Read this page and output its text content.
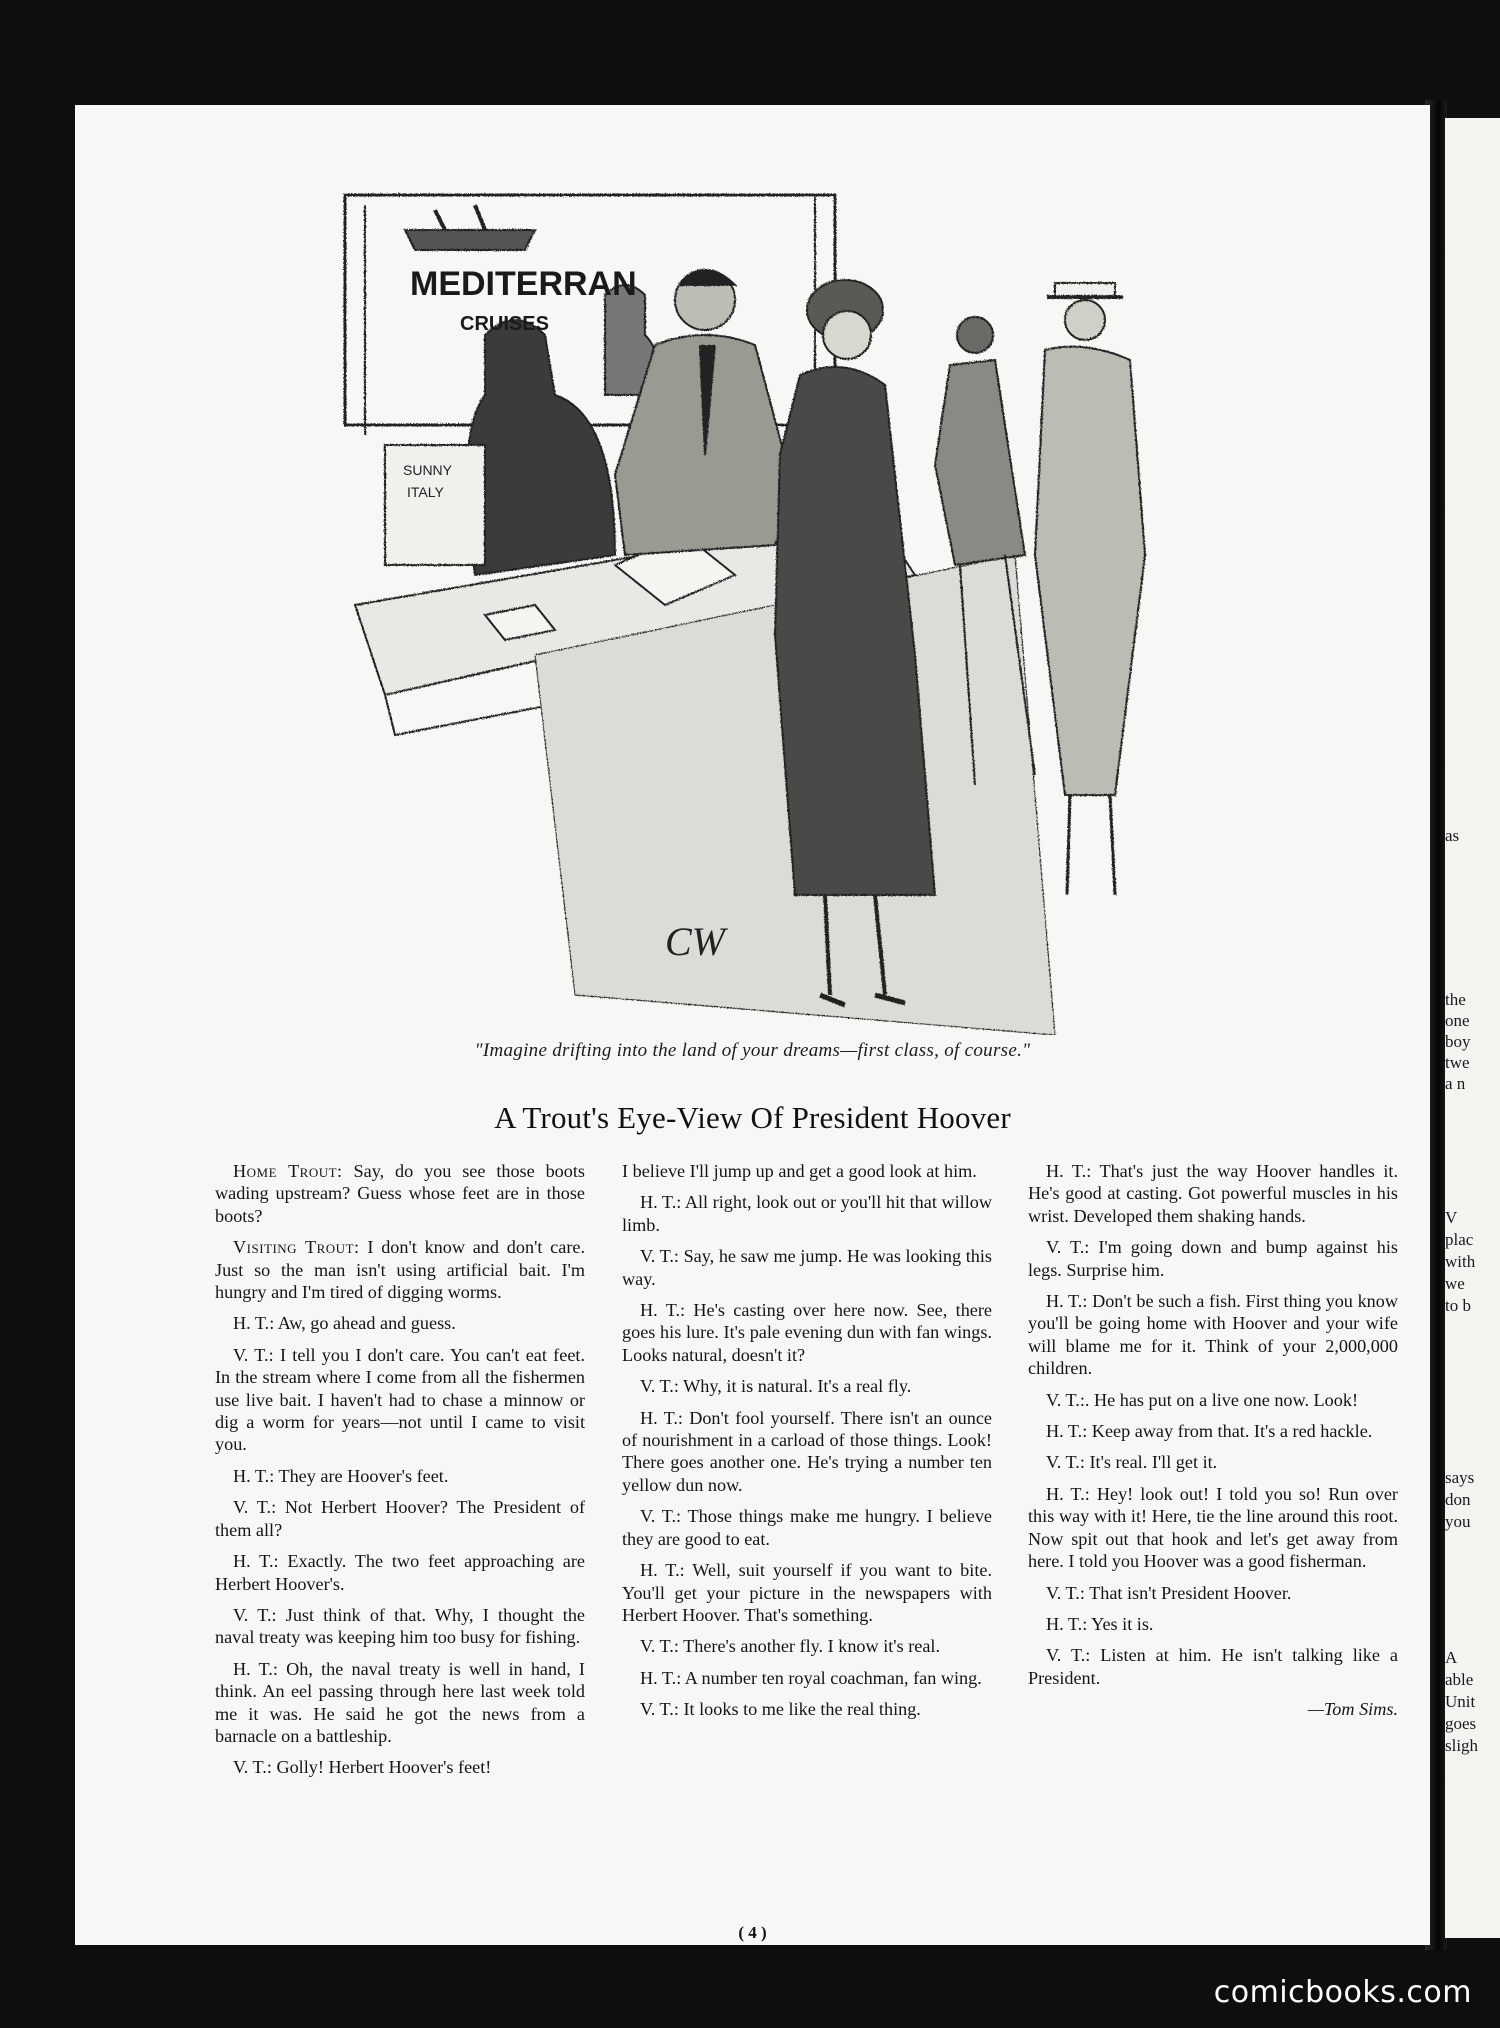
MEDITERRAN
CRUISES
SUNNY
ITALY
CW
"Imagine drifting into the land of your dreams—first class, of course."
A Trout's Eye-View Of President Hoover

Home Trout: Say, do you see those boots wading upstream? Guess whose feet are in those boots?

Visiting Trout: I don't know and don't care. Just so the man isn't using artificial bait. I'm hungry and I'm tired of digging worms.

H. T.: Aw, go ahead and guess.

V. T.: I tell you I don't care. You can't eat feet. In the stream where I come from all the fishermen use live bait. I haven't had to chase a minnow or dig a worm for years—not until I came to visit you.

H. T.: They are Hoover's feet.

V. T.: Not Herbert Hoover? The President of them all?

H. T.: Exactly. The two feet approaching are Herbert Hoover's.

V. T.: Just think of that. Why, I thought the naval treaty was keeping him too busy for fishing.

H. T.: Oh, the naval treaty is well in hand, I think. An eel passing through here last week told me it was. He said he got the news from a barnacle on a battleship.

V. T.: Golly! Herbert Hoover's feet!

I believe I'll jump up and get a good look at him.

H. T.: All right, look out or you'll hit that willow limb.

V. T.: Say, he saw me jump. He was looking this way.

H. T.: He's casting over here now. See, there goes his lure. It's pale evening dun with fan wings. Looks natural, doesn't it?

V. T.: Why, it is natural. It's a real fly.

H. T.: Don't fool yourself. There isn't an ounce of nourishment in a carload of those things. Look! There goes another one. He's trying a number ten yellow dun now.

V. T.: Those things make me hungry. I believe they are good to eat.

H. T.: Well, suit yourself if you want to bite. You'll get your picture in the newspapers with Herbert Hoover. That's something.

V. T.: There's another fly. I know it's real.

H. T.: A number ten royal coachman, fan wing.

V. T.: It looks to me like the real thing.

H. T.: That's just the way Hoover handles it. He's good at casting. Got powerful muscles in his wrist. Developed them shaking hands.

V. T.: I'm going down and bump against his legs. Surprise him.

H. T.: Don't be such a fish. First thing you know you'll be going home with Hoover and your wife will blame me for it. Think of your 2,000,000 children.

V. T.:. He has put on a live one now. Look!

H. T.: Keep away from that. It's a red hackle.

V. T.: It's real. I'll get it.

H. T.: Hey! look out! I told you so! Run over this way with it! Here, tie the line around this root. Now spit out that hook and let's get away from here. I told you Hoover was a good fisherman.

V. T.: That isn't President Hoover.

H. T.: Yes it is.

V. T.: Listen at him. He isn't talking like a President.

—Tom Sims.
( 4 )
as
the
one
boy
twe
a n
V
plac
with
we
to b
says
don
you
A
able
Unit
goes
sligh
comicbooks.com
